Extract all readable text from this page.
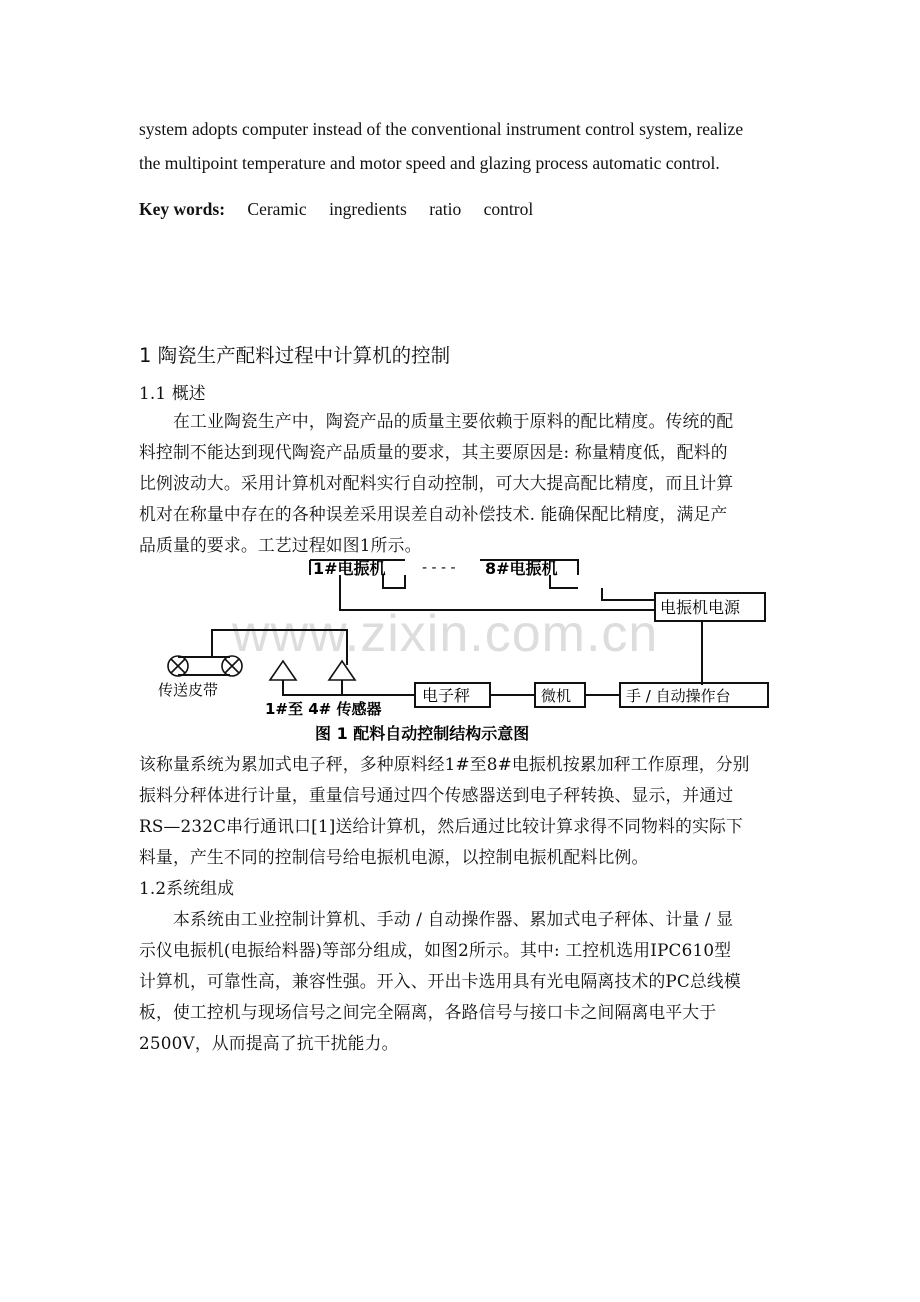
system adopts computer instead of the conventional instrument control system, realize
the multipoint temperature and motor speed and glazing process automatic control.
Key words: Ceramic ingredients ratio control
1 陶瓷生产配料过程中计算机的控制
1.1 概述
在工业陶瓷生产中，陶瓷产品的质量主要依赖于原料的配比精度。传统的配
料控制不能达到现代陶瓷产品质量的要求，其主要原因是: 称量精度低，配料的
比例波动大。采用计算机对配料实行自动控制，可大大提高配比精度，而且计算
机对在称量中存在的各种误差采用误差自动补偿技术. 能确保配比精度，满足产
品质量的要求。工艺过程如图1所示。
www.zixin.com.cn
1#电振机	- - - - 8#电振机
电振机电源
传送皮带
1#至 4# 传感器
电子秤	微机	手 / 自动操作台
图 1 配料自动控制结构示意图
该称量系统为累加式电子秤，多种原料经1#至8#电振机按累加秤工作原理，分别
振料分秤体进行计量，重量信号通过四个传感器送到电子秤转换、显示，并通过
RS—232C串行通讯口[1]送给计算机，然后通过比较计算求得不同物料的实际下
料量，产生不同的控制信号给电振机电源，以控制电振机配料比例。
1.2系统组成
本系统由工业控制计算机、手动 / 自动操作器、累加式电子秤体、计量 / 显
示仪电振机(电振给料器)等部分组成，如图2所示。其中: 工控机选用IPC610型
计算机，可靠性高，兼容性强。开入、开出卡选用具有光电隔离技术的PC总线模
板，使工控机与现场信号之间完全隔离，各路信号与接口卡之间隔离电平大于
2500V，从而提高了抗干扰能力。
